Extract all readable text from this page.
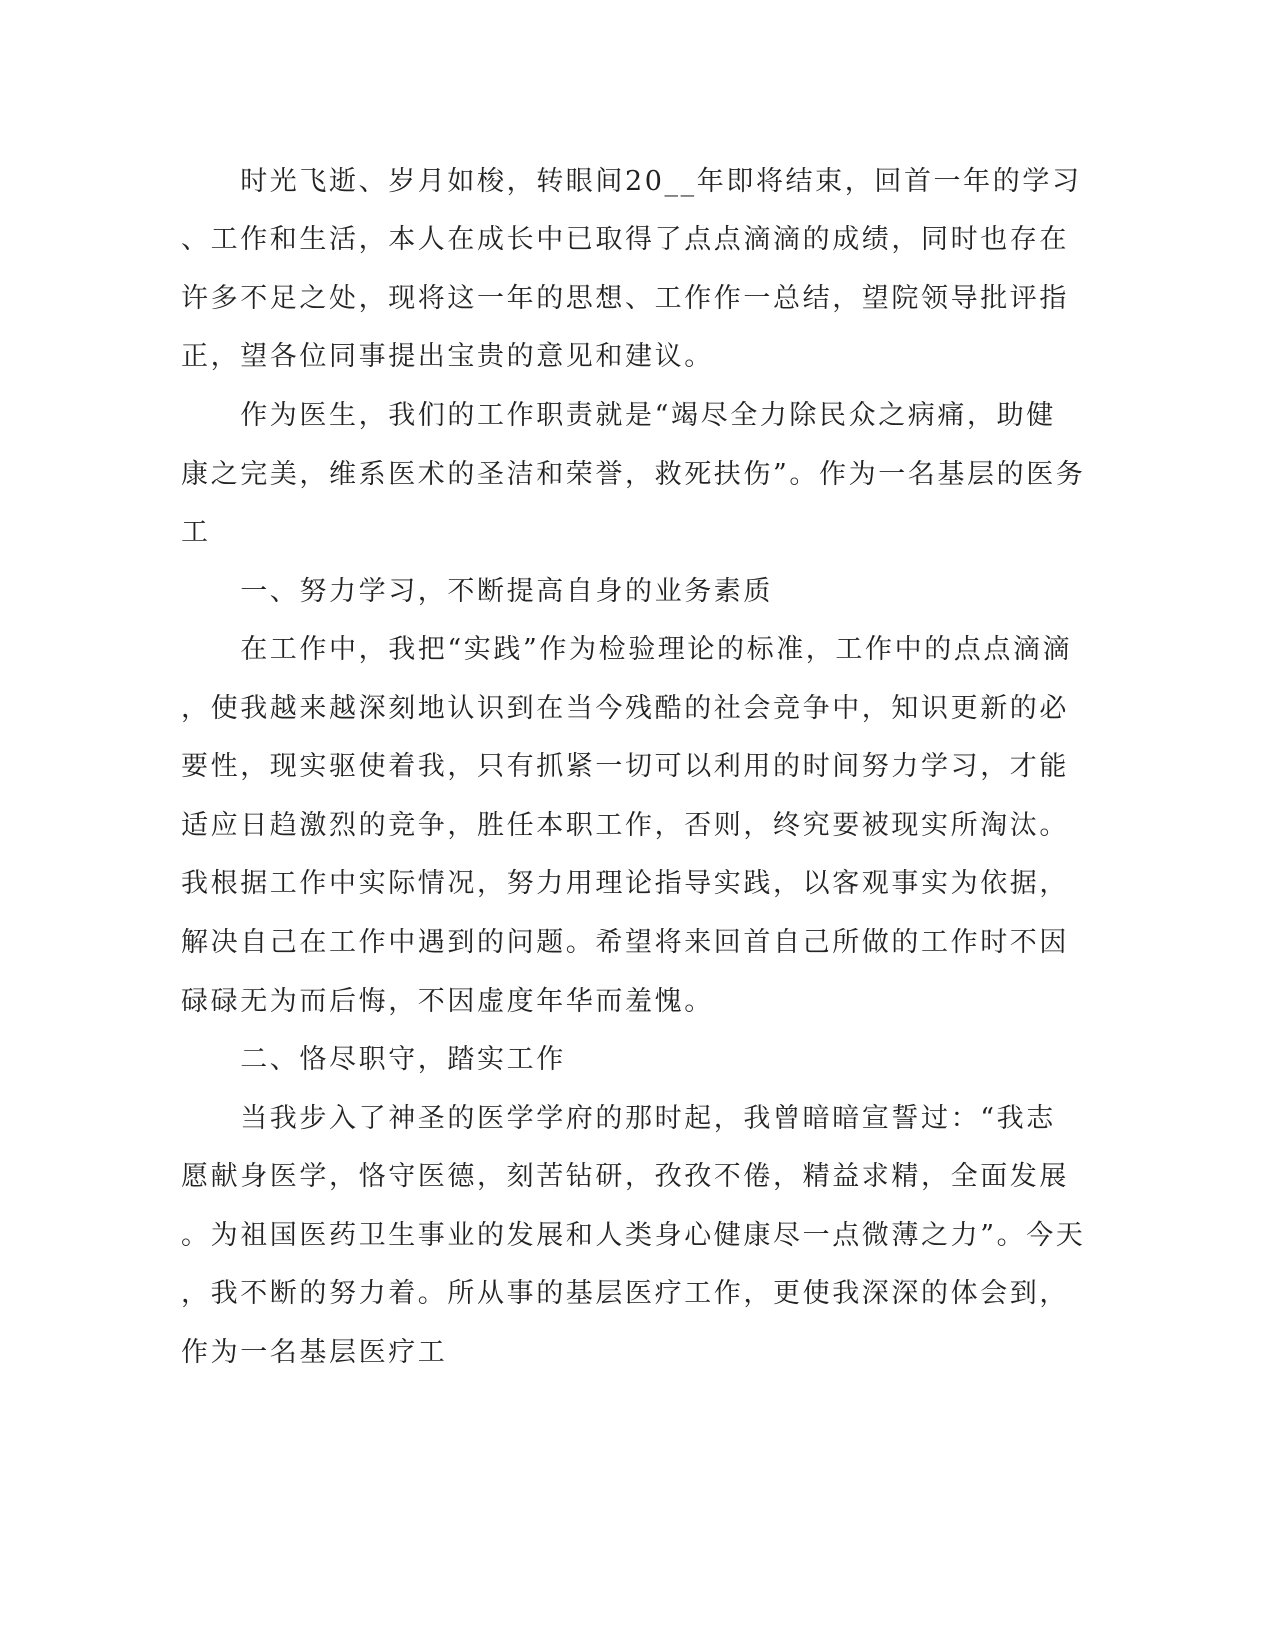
　　时光飞逝、岁月如梭，转眼间20__年即将结束，回首一年的学习
、工作和生活，本人在成长中已取得了点点滴滴的成绩，同时也存在
许多不足之处，现将这一年的思想、工作作一总结，望院领导批评指
正，望各位同事提出宝贵的意见和建议。
　　作为医生，我们的工作职责就是“竭尽全力除民众之病痛，助健
康之完美，维系医术的圣洁和荣誉，救死扶伤”。作为一名基层的医务
工
　　一、努力学习，不断提高自身的业务素质
　　在工作中，我把“实践”作为检验理论的标准，工作中的点点滴滴
，使我越来越深刻地认识到在当今残酷的社会竞争中，知识更新的必
要性，现实驱使着我，只有抓紧一切可以利用的时间努力学习，才能
适应日趋激烈的竞争，胜任本职工作，否则，终究要被现实所淘汰。
我根据工作中实际情况，努力用理论指导实践，以客观事实为依据，
解决自己在工作中遇到的问题。希望将来回首自己所做的工作时不因
碌碌无为而后悔，不因虚度年华而羞愧。
　　二、恪尽职守，踏实工作
　　当我步入了神圣的医学学府的那时起，我曾暗暗宣誓过：“我志
愿献身医学，恪守医德，刻苦钻研，孜孜不倦，精益求精，全面发展
。为祖国医药卫生事业的发展和人类身心健康尽一点微薄之力”。今天
，我不断的努力着。所从事的基层医疗工作，更使我深深的体会到，
作为一名基层医疗工
